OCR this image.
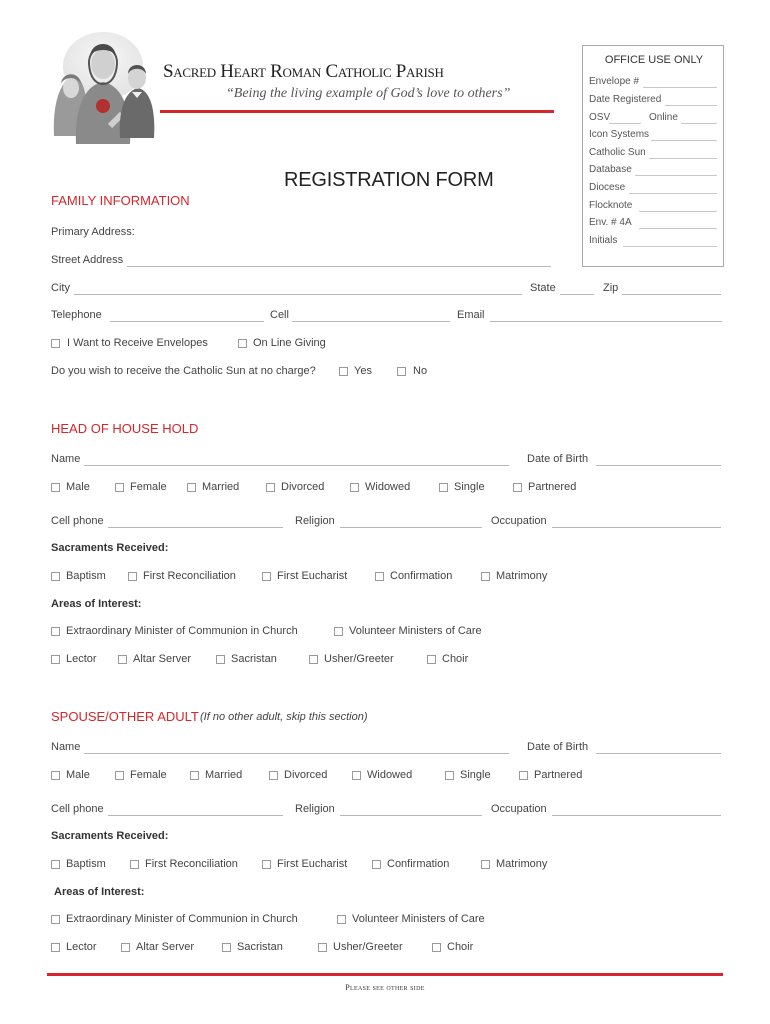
Sacred Heart Roman Catholic Parish
“Being the living example of God’s love to others”
OFFICE USE ONLY
Envelope #
Date Registered
OSV	Online
Icon Systems
Catholic Sun
Database
Diocese
Flocknote
Env. # 4A
Initials
REGISTRATION FORM
FAMILY INFORMATION
Primary Address:
Street Address
City	State	Zip
Telephone	Cell	Email
I Want to Receive Envelopes	On Line Giving
Do you wish to receive the Catholic Sun at no charge?	Yes	No
HEAD OF HOUSE HOLD
Name	Date of Birth
Male	Female	Married	Divorced	Widowed	Single	Partnered
Cell phone	Religion	Occupation
Sacraments Received:
Baptism	First Reconciliation	First Eucharist	Confirmation	Matrimony
Areas of Interest:
Extraordinary Minister of Communion in Church	Volunteer Ministers of Care
Lector	Altar Server	Sacristan	Usher/Greeter	Choir
SPOUSE/OTHER ADULT (If no other adult, skip this section)
Name	Date of Birth
Male	Female	Married	Divorced	Widowed	Single	Partnered
Cell phone	Religion	Occupation
Sacraments Received:
Baptism	First Reconciliation	First Eucharist	Confirmation	Matrimony
Areas of Interest:
Extraordinary Minister of Communion in Church	Volunteer Ministers of Care
Lector	Altar Server	Sacristan	Usher/Greeter	Choir
Please see other side
